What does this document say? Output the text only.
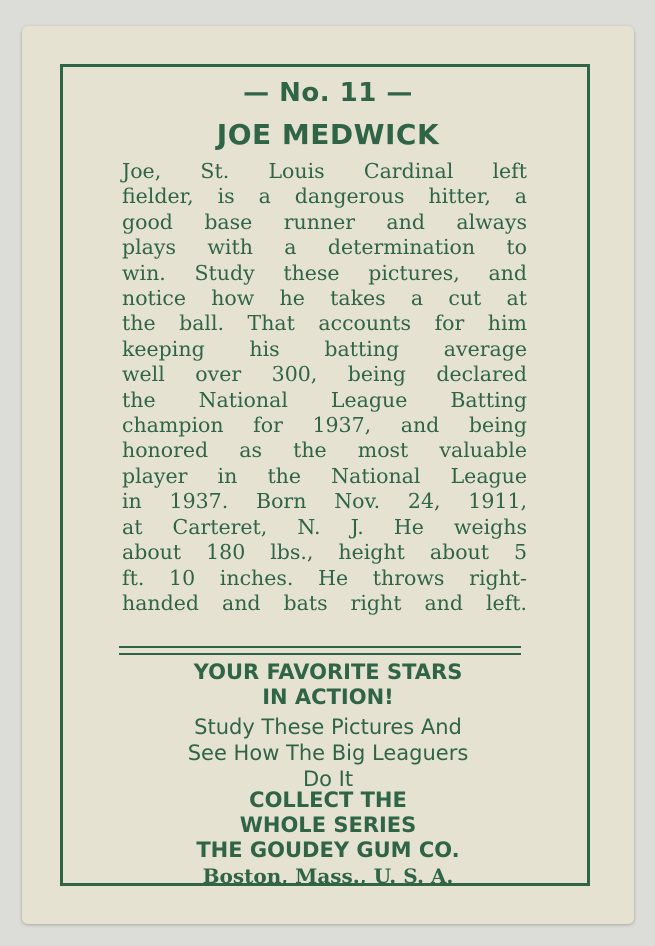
— No. 11 —
JOE MEDWICK

Joe, St. Louis Cardinal left
fielder, is a dangerous hitter, a
good base runner and always
plays with a determination to
win. Study these pictures, and
notice how he takes a cut at
the ball. That accounts for him
keeping his batting average
well over 300, being declared
the National League Batting
champion for 1937, and being
honored as the most valuable
player in the National League
in 1937. Born Nov. 24, 1911,
at Carteret, N. J. He weighs
about 180 lbs., height about 5
ft. 10 inches. He throws right-
handed and bats right and left.

YOUR FAVORITE STARS
IN ACTION!
Study These Pictures And
See How The Big Leaguers
Do It
COLLECT THE
WHOLE SERIES
THE GOUDEY GUM CO.
Boston, Mass., U. S. A.
